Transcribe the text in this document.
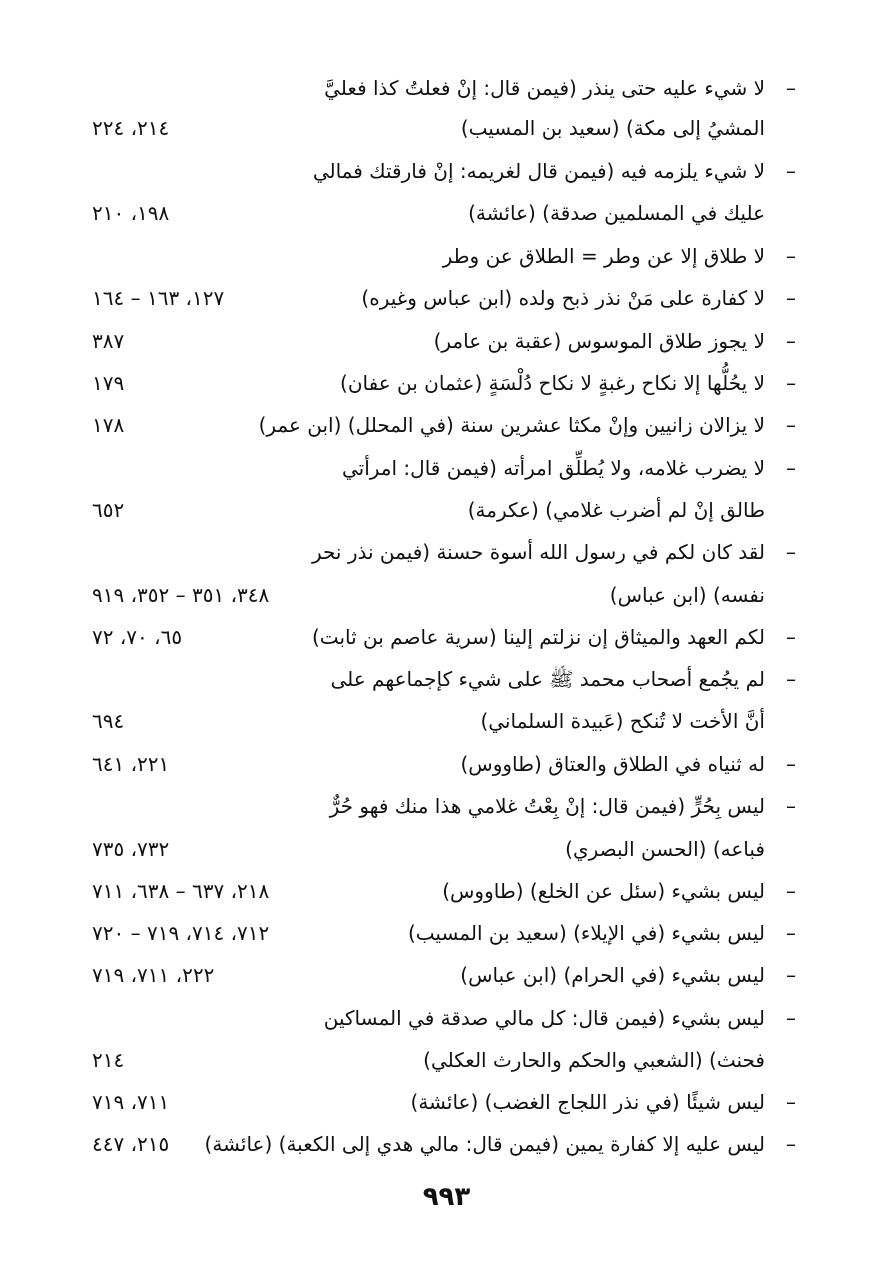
–
لا شيء عليه حتى ينذر (فيمن قال: إنْ فعلتُ كذا فعليَّ
المشيُ إلى مكة) (سعيد بن المسيب)
٢١٤، ٢٢٤
–
لا شيء يلزمه فيه (فيمن قال لغريمه: إنْ فارقتك فمالي
عليك في المسلمين صدقة) (عائشة)
١٩٨، ٢١٠
–
لا طلاق إلا عن وطر = الطلاق عن وطر
–
لا كفارة على مَنْ نذر ذبح ولده (ابن عباس وغيره)
١٢٧، ١٦٣ – ١٦٤
–
لا يجوز طلاق الموسوس (عقبة بن عامر)
٣٨٧
–
لا يحُلُّها إلا نكاح رغبةٍ لا نكاح دُلْسَةٍ (عثمان بن عفان)
١٧٩
–
لا يزالان زانيين وإنْ مكثا عشرين سنة (في المحلل) (ابن عمر)
١٧٨
–
لا يضرب غلامه، ولا يُطلِّق امرأته (فيمن قال: امرأتي
طالق إنْ لم أضرب غلامي) (عكرمة)
٦٥٢
–
لقد كان لكم في رسول الله أسوة حسنة (فيمن نذر نحر
نفسه) (ابن عباس)
٣٤٨، ٣٥١ – ٣٥٢، ٩١٩
–
لكم العهد والميثاق إن نزلتم إلينا (سرية عاصم بن ثابت)
٦٥، ٧٠، ٧٢
–
لم يجُمع أصحاب محمد ﷺ على شيء كإجماعهم على
أنَّ الأخت لا تُنكح (عَبيدة السلماني)
٦٩٤
–
له ثنياه في الطلاق والعتاق (طاووس)
٢٢١، ٦٤١
–
ليس بِحُرٍّ (فيمن قال: إنْ بِعْتُ غلامي هذا منك فهو حُرٌّ
فباعه) (الحسن البصري)
٧٣٢، ٧٣٥
–
ليس بشيء (سئل عن الخلع) (طاووس)
٢١٨، ٦٣٧ – ٦٣٨، ٧١١
–
ليس بشيء (في الإيلاء) (سعيد بن المسيب)
٧١٢، ٧١٤، ٧١٩ – ٧٢٠
–
ليس بشيء (في الحرام) (ابن عباس)
٢٢٢، ٧١١، ٧١٩
–
ليس بشيء (فيمن قال: كل مالي صدقة في المساكين
فحنث) (الشعبي والحكم والحارث العكلي)
٢١٤
–
ليس شيئًا (في نذر اللجاج الغضب) (عائشة)
٧١١، ٧١٩
–
ليس عليه إلا كفارة يمين (فيمن قال: مالي هدي إلى الكعبة) (عائشة)
٢١٥، ٤٤٧
٩٩٣
